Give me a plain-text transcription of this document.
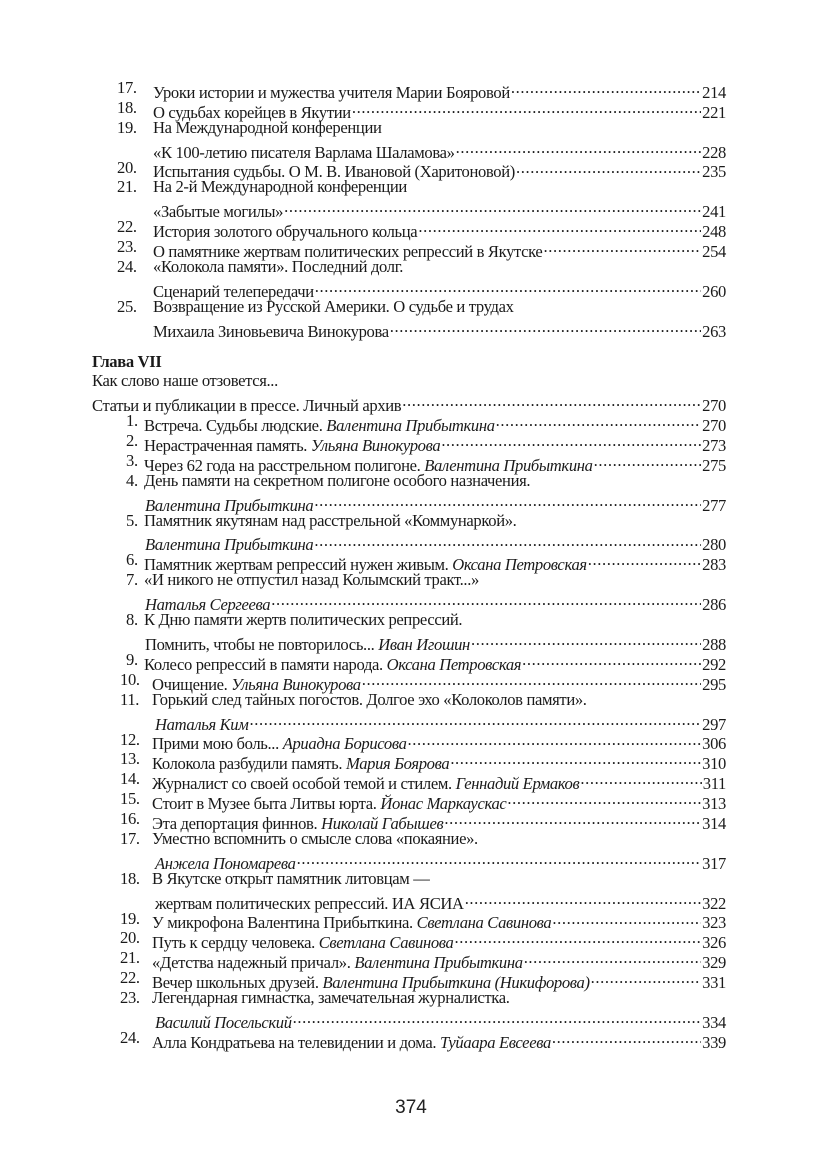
17. Уроки истории и мужества учителя Марии Бояровой .....	214
18. О судьбах корейцев в Якутии .....	221
19. На Международной конференции
«К 100-летию писателя Варлама Шаламова» .....	228
20. Испытания судьбы. О М. В. Ивановой (Харитоновой) .....	235
21. На 2-й Международной конференции
«Забытые могилы» .....	241
22. История золотого обручального кольца .....	248
23. О памятнике жертвам политических репрессий в Якутске .....	254
24. «Колокола памяти». Последний долг.
Сценарий телепередачи .....	260
25. Возвращение из Русской Америки. О судьбе и трудах
Михаила Зиновьевича Винокурова .....	263
Глава VII
Как слово наше отзовется...
Статьи и публикации в прессе. Личный архив .....	270
1. Встреча. Судьбы людские. Валентина Прибыткина .....	270
2. Нерастраченная память. Ульяна Винокурова .....	273
3. Через 62 года на расстрельном полигоне. Валентина Прибыткина .....	275
4. День памяти на секретном полигоне особого назначения.
Валентина Прибыткина .....	277
5. Памятник якутянам над расстрельной «Коммунаркой».
Валентина Прибыткина .....	280
6. Памятник жертвам репрессий нужен живым. Оксана Петровская .....	283
7. «И никого не отпустил назад Колымский тракт...»
Наталья Сергеева .....	286
8. К Дню памяти жертв политических репрессий.
Помнить, чтобы не повторилось... Иван Игошин .....	288
9. Колесо репрессий в памяти народа. Оксана Петровская .....	292
10. Очищение. Ульяна Винокурова .....	295
11. Горький след тайных погостов. Долгое эхо «Колоколов памяти».
Наталья Ким .....	297
12. Прими мою боль... Ариадна Борисова .....	306
13. Колокола разбудили память. Мария Боярова .....	310
14. Журналист со своей особой темой и стилем. Геннадий Ермаков .....	311
15. Стоит в Музее быта Литвы юрта. Йонас Маркаускас .....	313
16. Эта депортация финнов. Николай Габышев .....	314
17. Уместно вспомнить о смысле слова «покаяние».
Анжела Пономарева .....	317
18. В Якутске открыт памятник литовцам —
жертвам политических репрессий. ИА ЯСИА .....	322
19. У микрофона Валентина Прибыткина. Светлана Савинова .....	323
20. Путь к сердцу человека. Светлана Савинова .....	326
21. «Детства надежный причал». Валентина Прибыткина .....	329
22. Вечер школьных друзей. Валентина Прибыткина (Никифорова) .....	331
23. Легендарная гимнастка, замечательная журналистка.
Василий Посельский .....	334
24. Алла Кондратьева на телевидении и дома. Туйаара Евсеева .....	339
374
